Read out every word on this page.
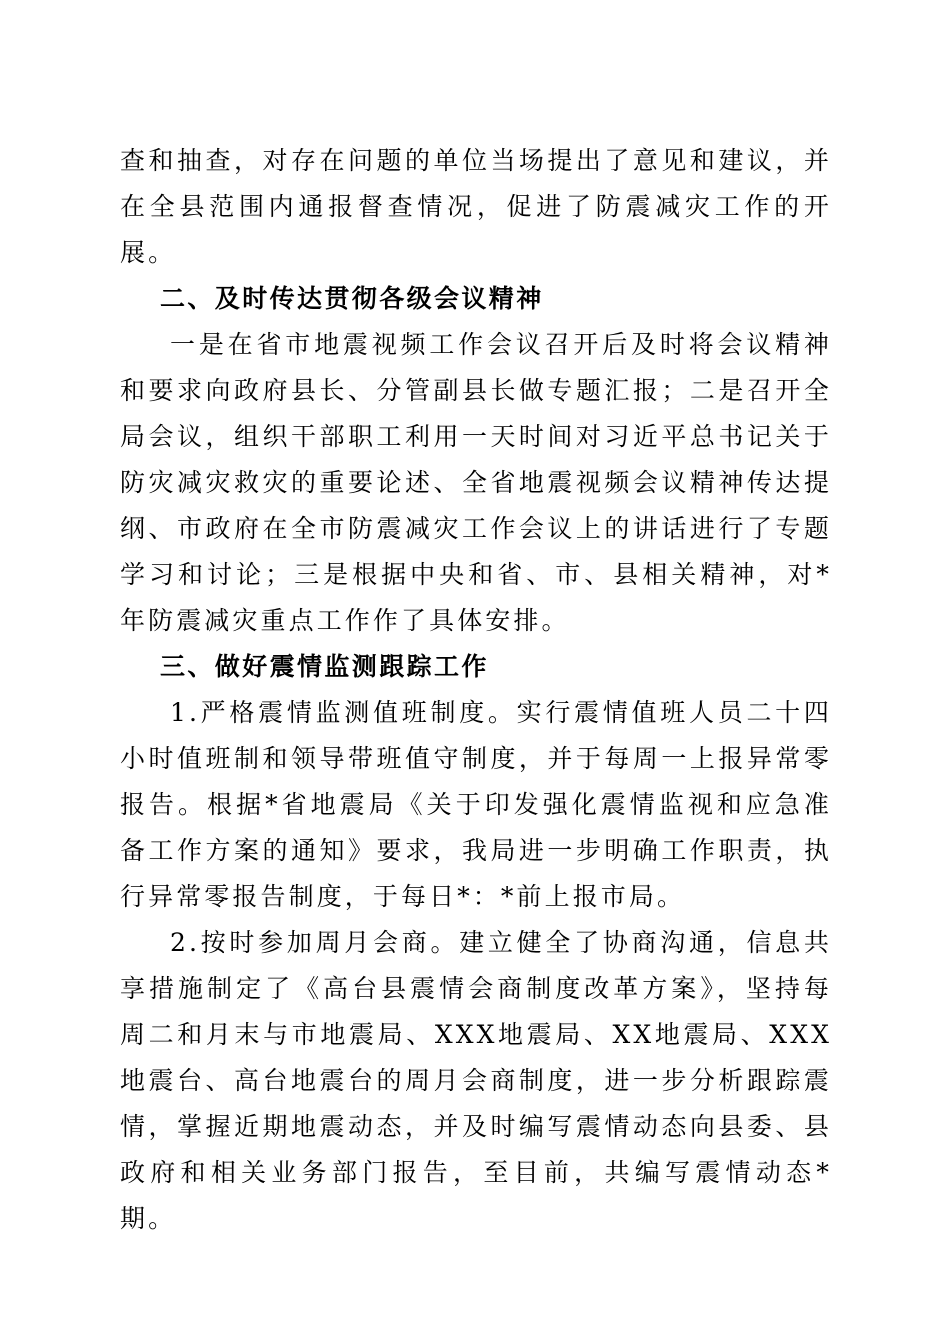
查和抽查，对存在问题的单位当场提出了意见和建议，并在全县范围内通报督查情况，促进了防震减灾工作的开展。

二、及时传达贯彻各级会议精神

一是在省市地震视频工作会议召开后及时将会议精神和要求向政府县长、分管副县长做专题汇报；二是召开全局会议，组织干部职工利用一天时间对习近平总书记关于防灾减灾救灾的重要论述、全省地震视频会议精神传达提纲、市政府在全市防震减灾工作会议上的讲话进行了专题学习和讨论；三是根据中央和省、市、县相关精神，对*年防震减灾重点工作作了具体安排。

三、做好震情监测跟踪工作

1.严格震情监测值班制度。实行震情值班人员二十四小时值班制和领导带班值守制度，并于每周一上报异常零报告。根据*省地震局《关于印发强化震情监视和应急准备工作方案的通知》要求，我局进一步明确工作职责，执行异常零报告制度，于每日*：*前上报市局。

2.按时参加周月会商。建立健全了协商沟通，信息共享措施制定了《高台县震情会商制度改革方案》，坚持每周二和月末与市地震局、XXX地震局、XX地震局、XXX地震台、高台地震台的周月会商制度，进一步分析跟踪震情，掌握近期地震动态，并及时编写震情动态向县委、县政府和相关业务部门报告，至目前，共编写震情动态*期。
